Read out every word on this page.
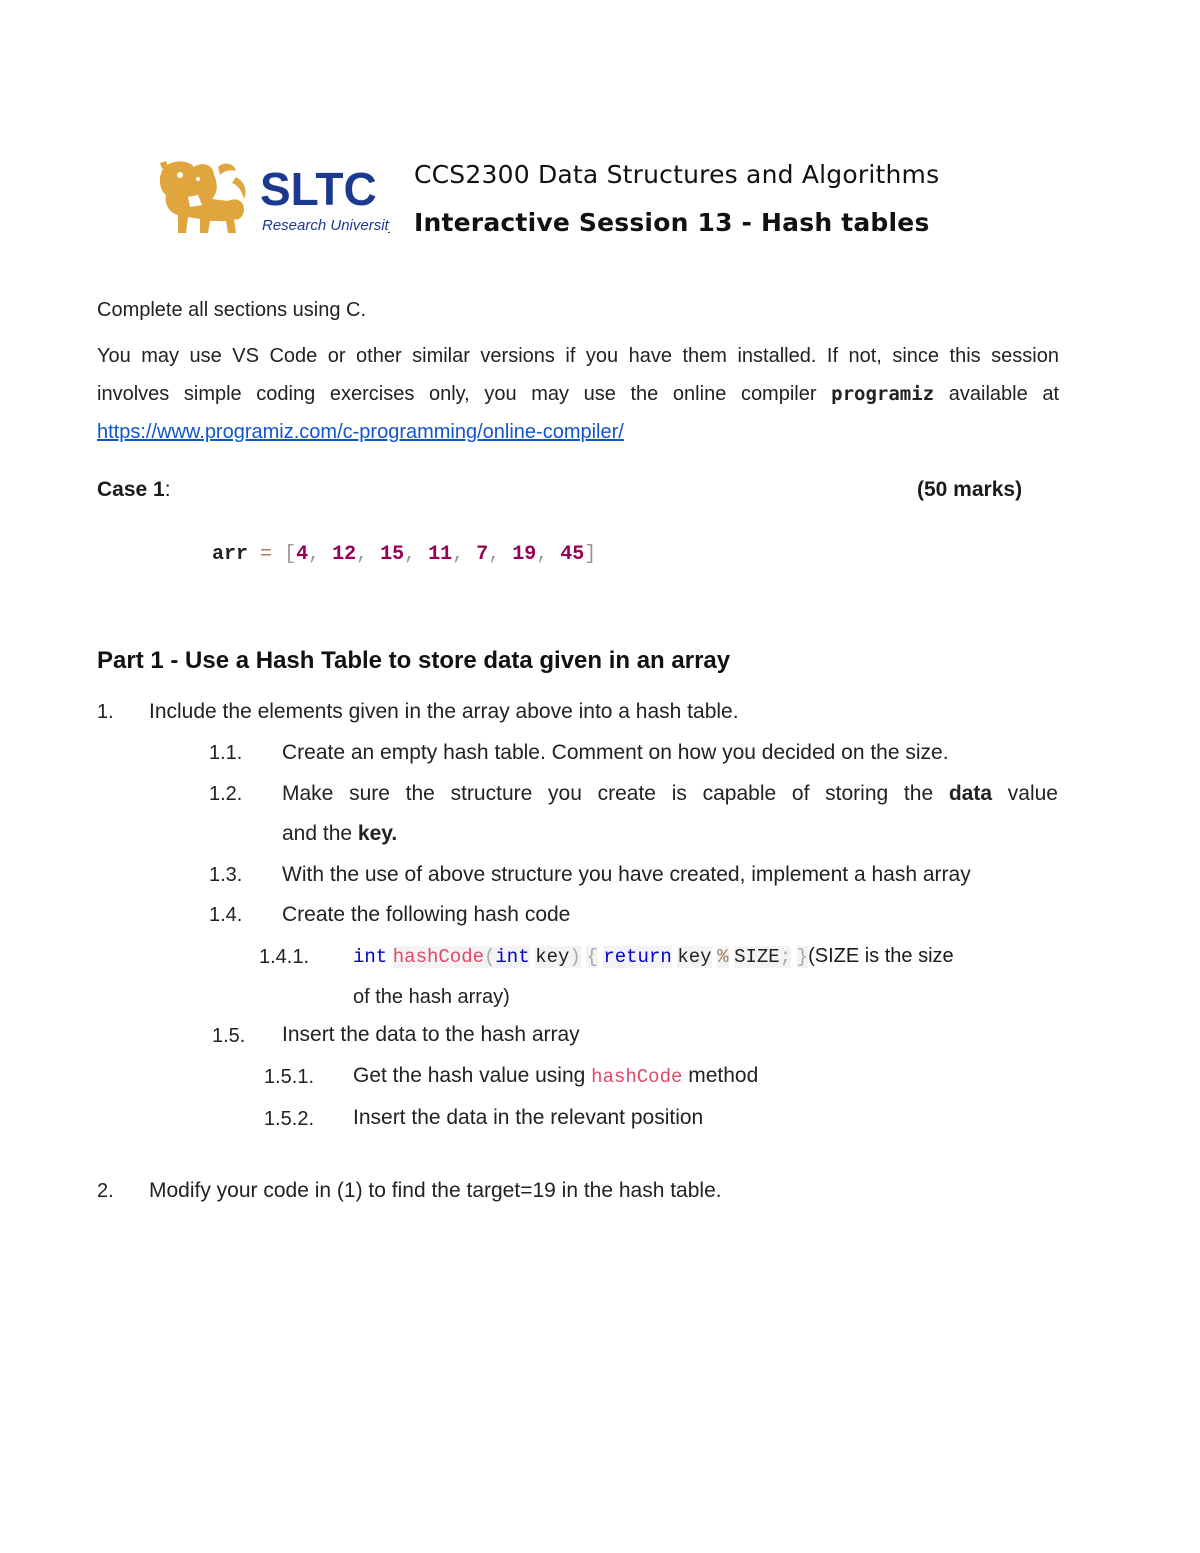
SLTC
Research University
CCS2300 Data Structures and Algorithms
Interactive Session 13 - Hash tables
Complete all sections using C.
You may use VS Code or other similar versions if you have them installed. If not, since this session
involves simple coding exercises only, you may use the online compiler programiz available at
https://www.programiz.com/c-programming/online-compiler/
Case 1:	(50 marks)
arr = [4, 12, 15, 11, 7, 19, 45]
Part 1 - Use a Hash Table to store data given in an array
1. Include the elements given in the array above into a hash table.
1.1. Create an empty hash table. Comment on how you decided on the size.
1.2. Make sure the structure you create is capable of storing the data value
and the key.
1.3. With the use of above structure you have created, implement a hash array
1.4. Create the following hash code
1.4.1. int hashCode(int key) { return key % SIZE; }(SIZE is the size
of the hash array)
1.5. Insert the data to the hash array
1.5.1. Get the hash value using hashCode method
1.5.2. Insert the data in the relevant position
2. Modify your code in (1) to find the target=19 in the hash table.
